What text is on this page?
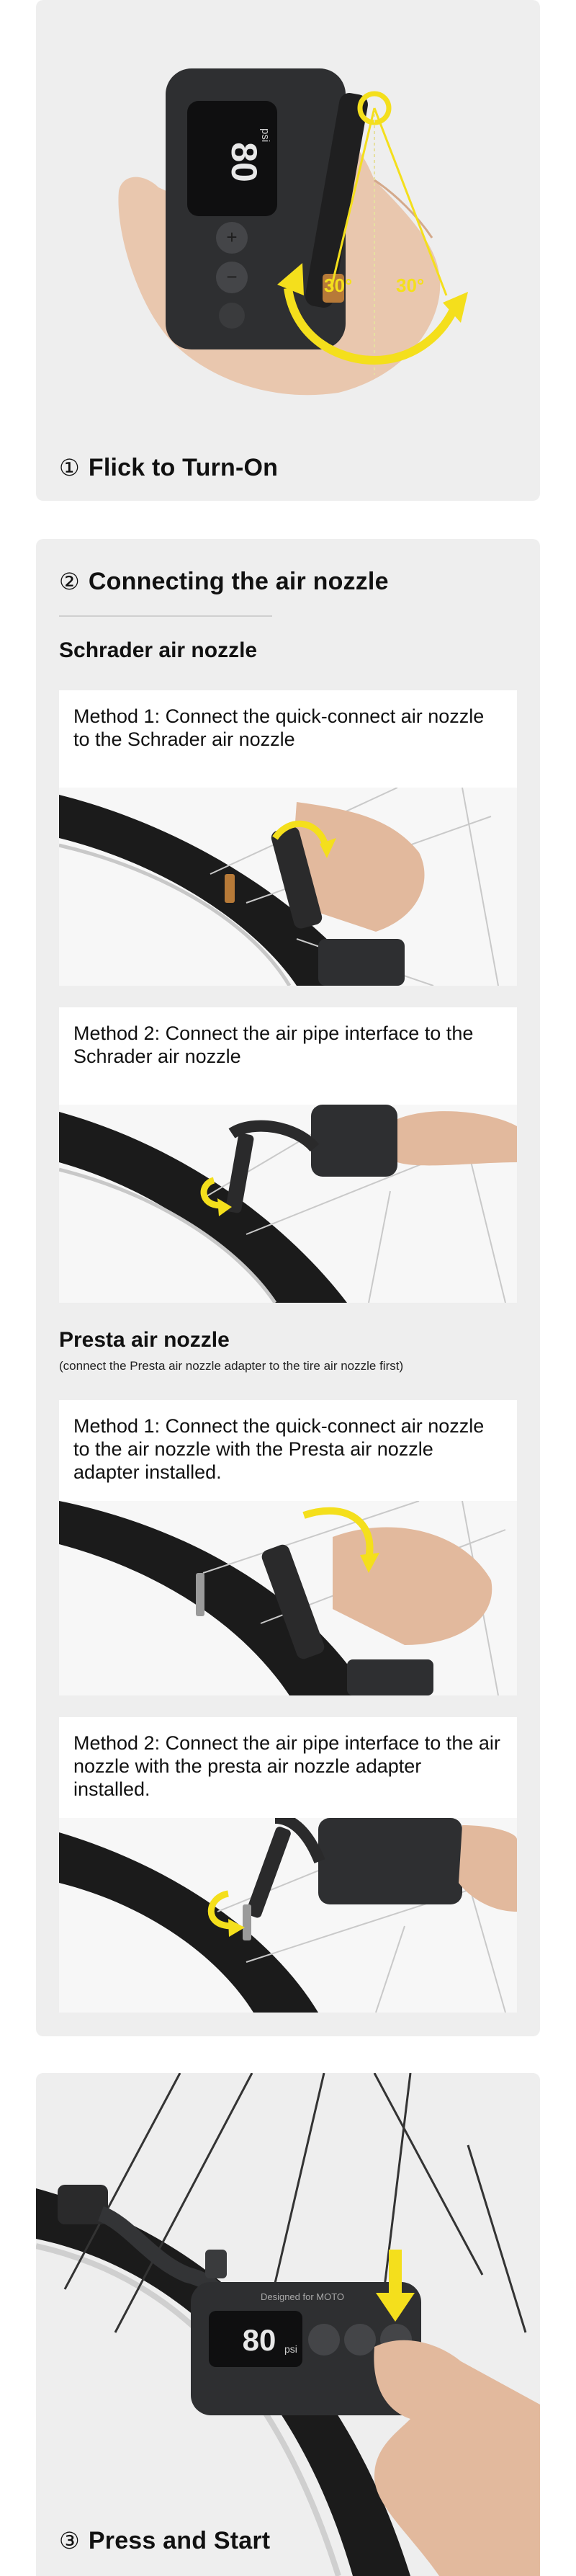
80
psi
+
−	30° 30°
① Flick to Turn-On
② Connecting the air nozzle
Schrader air nozzle
Method 1: Connect the quick-connect air nozzle to the Schrader air nozzle
Method 2: Connect the air pipe interface to the Schrader air nozzle
Presta air nozzle
(connect the Presta air nozzle adapter to the tire air nozzle first)
Method 1: Connect the quick-connect air nozzle to the air nozzle with the Presta air nozzle adapter installed.
Method 2: Connect the air pipe interface to the air nozzle with the presta air nozzle adapter installed.
Designed for MOTO
80 psi
③ Press and Start
